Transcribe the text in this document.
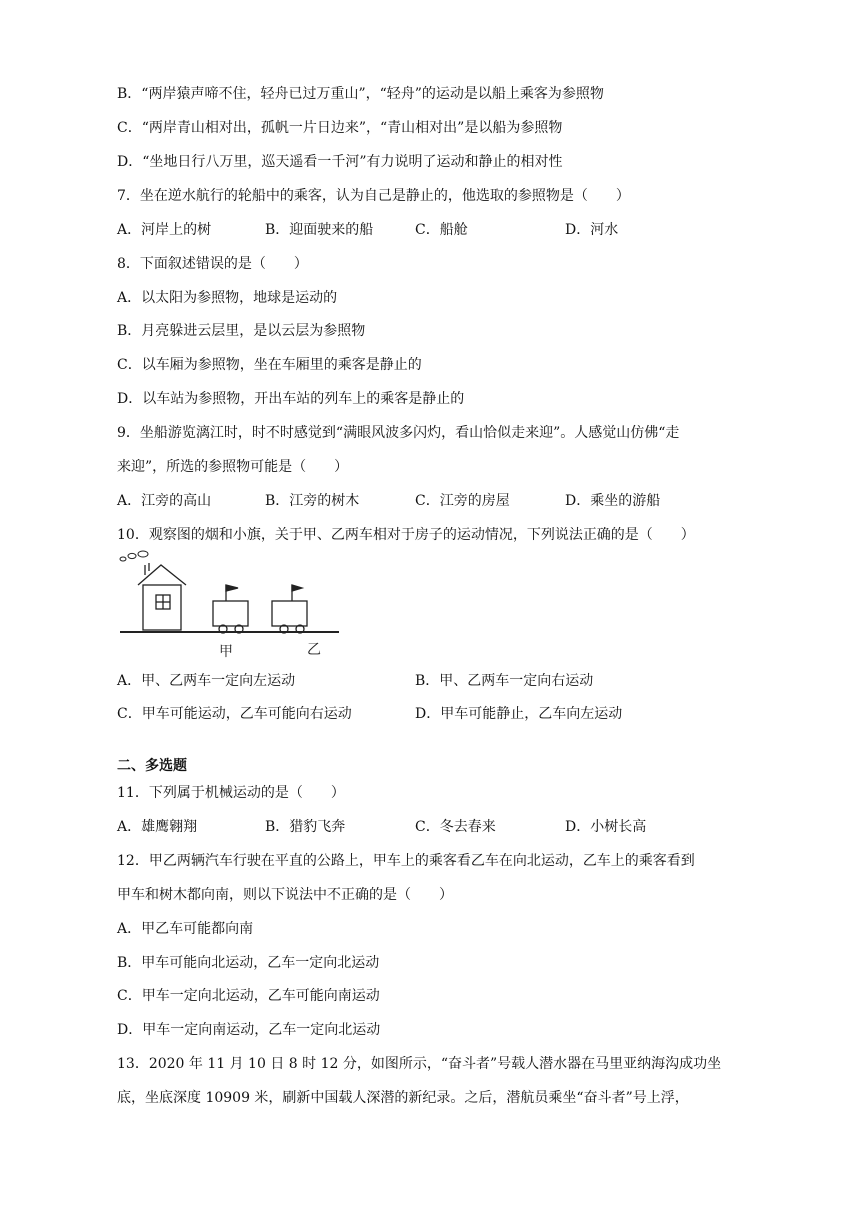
B．“两岸猿声啼不住，轻舟已过万重山”，“轻舟”的运动是以船上乘客为参照物
C．“两岸青山相对出，孤帆一片日边来”，“青山相对出”是以船为参照物
D．“坐地日行八万里，巡天遥看一千河”有力说明了运动和静止的相对性
7．坐在逆水航行的轮船中的乘客，认为自己是静止的，他选取的参照物是（　　）
A．河岸上的树	B．迎面驶来的船	C．船舱	D．河水
8．下面叙述错误的是（　　）
A．以太阳为参照物，地球是运动的
B．月亮躲进云层里，是以云层为参照物
C．以车厢为参照物，坐在车厢里的乘客是静止的
D．以车站为参照物，开出车站的列车上的乘客是静止的
9．坐船游览漓江时，时不时感觉到“满眼风波多闪灼，看山恰似走来迎”。人感觉山仿佛“走
来迎”，所选的参照物可能是（　　）
A．江旁的高山	B．江旁的树木	C．江旁的房屋	D．乘坐的游船
10．观察图的烟和小旗，关于甲、乙两车相对于房子的运动情况，下列说法正确的是（　　）
甲	乙
A．甲、乙两车一定向左运动	B．甲、乙两车一定向右运动
C．甲车可能运动，乙车可能向右运动	D．甲车可能静止，乙车向左运动
二、多选题
11．下列属于机械运动的是（　　）
A．雄鹰翱翔	B．猎豹飞奔	C．冬去春来	D．小树长高
12．甲乙两辆汽车行驶在平直的公路上，甲车上的乘客看乙车在向北运动，乙车上的乘客看到
甲车和树木都向南，则以下说法中不正确的是（　　）
A．甲乙车可能都向南
B．甲车可能向北运动，乙车一定向北运动
C．甲车一定向北运动，乙车可能向南运动
D．甲车一定向南运动，乙车一定向北运动
13．2020 年 11 月 10 日 8 时 12 分，如图所示，“奋斗者”号载人潜水器在马里亚纳海沟成功坐
底，坐底深度 10909 米，刷新中国载人深潜的新纪录。之后，潜航员乘坐“奋斗者”号上浮，
